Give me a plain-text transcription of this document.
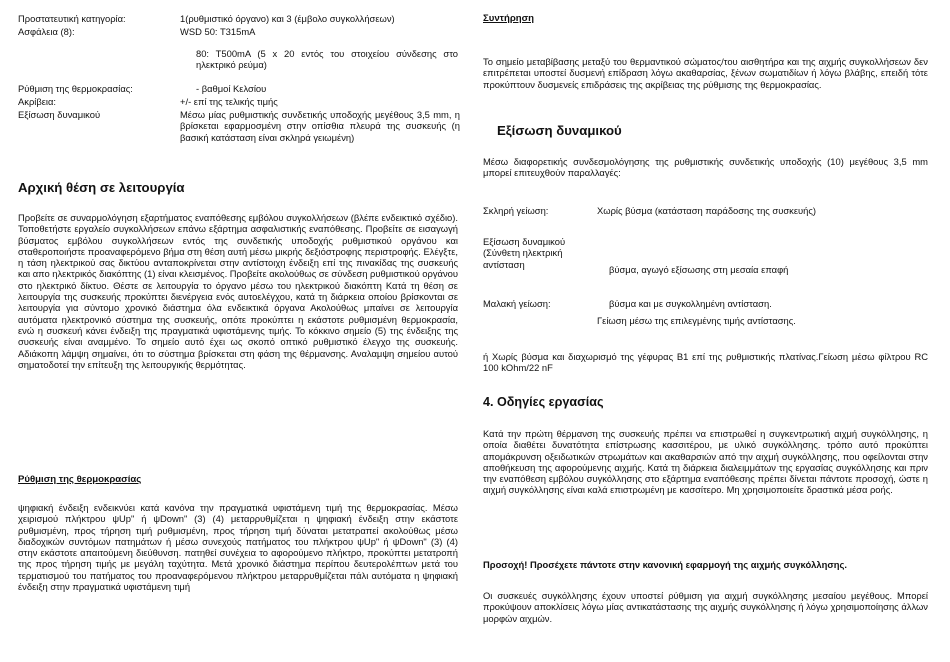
Προστατευτική κατηγορία:	1(ρυθμιστικό όργανο) και 3 (έμβολο συγκολλήσεων)
Ασφάλεια (8):	WSD 50: T315mA
80: T500mA (5 x 20 εντός του στοιχείου σύνδεσης στο ηλεκτρικό ρεύμα)
Ρύθμιση της θερμοκρασίας:	- βαθμοί Κελσίου
Ακρίβεια:	+/- επί της τελικής τιμής
Εξίσωση δυναμικού	Μέσω μίας ρυθμιστικής συνδετικής υποδοχής μεγέθους 3,5 mm, η βρίσκεται εφαρμοσμένη στην οπίσθια πλευρά της συσκευής (η βασική κατάσταση είναι σκληρά γειωμένη)
Αρχική θέση σε λειτουργία
Προβείτε σε συναρμολόγηση εξαρτήματος εναπόθεσης εμβόλου συγκολλήσεων (βλέπε ενδεικτικό σχέδιο). Τοποθετήστε εργαλείο συγκολλήσεων επάνω εξάρτημα ασφαλιστικής εναπόθεσης. Προβείτε σε εισαγωγή βύσματος εμβόλου συγκολλήσεων εντός της συνδετικής υποδοχής ρυθμιστικού οργάνου και σταθεροποιήστε προαναφερόμενο βήμα στη θέση αυτή μέσω μικρής δεξιόστροφης περιστροφής. Ελέγξτε, η τάση ηλεκτρικού σας δικτύου ανταποκρίνεται στην αντίστοιχη ένδειξη επί της πινακίδας της συσκευής και απο ηλεκτρικός διακόπτης (1) είναι κλεισμένος. Προβείτε ακολούθως σε σύνδεση ρυθμιστικού οργάνου στο ηλεκτρικό δίκτυο. Θέστε σε λειτουργία το όργανο μέσω του ηλεκτρικού διακόπτη Κατά τη θέση σε λειτουργία της συσκευής προκύπτει διενέργεια ενός αυτοελέγχου, κατά τη διάρκεια οποίου βρίσκονται σε λειτουργία για σύντομο χρονικό διάστημα όλα ενδεικτικά όργανα Ακολούθως μπαίνει σε λειτουργία αυτόματα ηλεκτρονικό σύστημα της συσκευής, οπότε προκύπτει η εκάστοτε ρυθμισμένη θερμοκρασία, ενώ η συσκευή κάνει ένδειξη της πραγματικά υφιστάμενης τιμής. Το κόκκινο σημείο (5) της ένδειξης της συσκευής είναι αναμμένο. Το σημείο αυτό έχει ως σκοπό οπτικό ρυθμιστικό έλεγχο της συσκευής. Αδιάκοπη λάμψη σημαίνει, ότι το σύστημα βρίσκεται στη φάση της θέρμανσης. Αναλαμψη σημείου αυτού σηματοδοτεί την επίτευξη της λειτουργικής θερμότητας.
Ρύθμιση της θερμοκρασίας
ψηφιακή ένδειξη ενδεικνύει κατά κανόνα την πραγματικά υφιστάμενη τιμή της θερμοκρασίας. Μέσω χειρισμού πλήκτρου ψUp" ή ψDown" (3) (4) μεταρρυθμίζεται η ψηφιακή ένδειξη στην εκάστοτε ρυθμισμένη, προς τήρηση τιμή ρυθμισμένη, προς τήρηση τιμή δύναται μετατραπεί ακολούθως μέσω διαδοχικών συντόμων πατημάτων ή μέσω συνεχούς πατήματος του πλήκτρου ψUp" ή ψDown" (3) (4) στην εκάστοτε απαιτούμενη διεύθυνση. πατηθεί συνέχεια το αφορούμενο πλήκτρο, προκύπτει μετατροπή της προς τήρηση τιμής με μεγάλη ταχύτητα. Μετά χρονικό διάστημα περίπου δευτερολέπτων μετά του τερματισμού του πατήματος του προαναφερόμενου πλήκτρου μεταρρυθμίζεται πάλι αυτόματα η ψηφιακή ένδειξη στην πραγματικά υφιστάμενη τιμή
Συντήρηση
Το σημείο μεταβίβασης μεταξύ του θερμαντικού σώματος/του αισθητήρα και της αιχμής συγκολλήσεων δεν επιτρέπεται υποστεί δυσμενή επίδραση λόγω ακαθαρσίας, ξένων σωματιδίων ή λόγω βλάβης, επειδή τότε προκύπτουν δυσμενείς επιδράσεις της ακρίβειας της ρύθμισης της θερμοκρασίας.
Εξίσωση δυναμικού
Μέσω διαφορετικής συνδεσμολόγησης της ρυθμιστικής συνδετικής υποδοχής (10) μεγέθους 3,5 mm μπορεί επιτευχθούν παραλλαγές:
Σκληρή γείωση:	Χωρίς βύσμα (κατάσταση παράδοσης της συσκευής)
Εξίσωση δυναμικού (Σύνθετη ηλεκτρική αντίσταση	βύσμα, αγωγό εξίσωσης στη μεσαία επαφή
Μαλακή γείωση:	βύσμα και με συγκολλημένη αντίσταση.
Γείωση μέσω της επιλεγμένης τιμής αντίστασης.
ή Χωρίς βύσμα και διαχωρισμό της γέφυρας Β1 επί της ρυθμιστικής πλατίνας.Γείωση μέσω φίλτρου RC 100 kOhm/22 nF
4. Οδηγίες εργασίας
Κατά την πρώτη θέρμανση της συσκευής πρέπει να επιστρωθεί η συγκεντρωτική αιχμή συγκόλλησης, η οποία διαθέτει δυνατότητα επίστρωσης κασσιτέρου, με υλικό συγκόλλησης. τρόπο αυτό προκύπτει απομάκρυνση οξειδωτικών στρωμάτων και ακαθαρσιών από την αιχμή συγκόλλησης, που οφείλονται στην αποθήκευση της αφορούμενης αιχμής. Κατά τη διάρκεια διαλειμμάτων της εργασίας συγκόλλησης και πριν την εναπόθεση εμβόλου συγκόλλησης στο εξάρτημα εναπόθεσης πρέπει δίνεται πάντοτε προσοχή, ώστε η αιχμή συγκόλλησης είναι καλά επιστρωμένη με κασσίτερο. Μη χρησιμοποιείτε δραστικά μέσα ροής.
Προσοχή! Προσέχετε πάντοτε στην κανονική εφαρμογή της αιχμής συγκόλλησης.
Οι συσκευές συγκόλλησης έχουν υποστεί ρύθμιση για αιχμή συγκόλλησης μεσαίου μεγέθους. Μπορεί προκύψουν αποκλίσεις λόγω μίας αντικατάστασης της αιχμής συγκόλλησης ή λόγω χρησιμοποίησης άλλων μορφών αιχμών.
